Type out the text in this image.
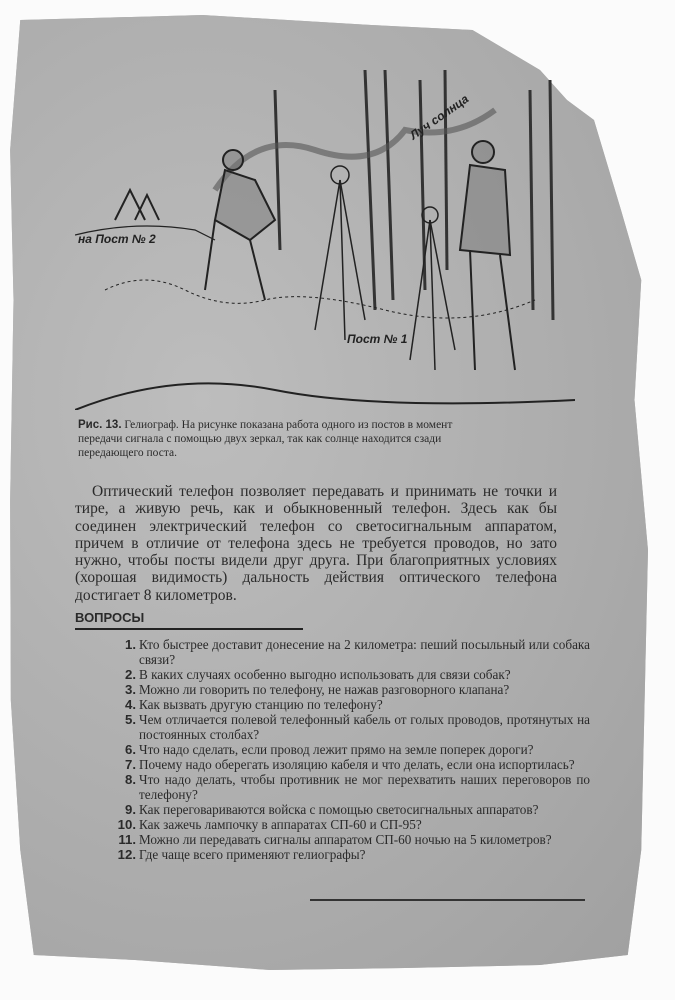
Луч солнца
на Пост № 2
Пост № 1
Рис. 13. Гелиограф. На рисунке показана работа одного из постов в момент передачи сигнала с помощью двух зеркал, так как солнце находится сзади передающего поста.
Оптический телефон позволяет передавать и принимать не точки и тире, а живую речь, как и обыкновенный телефон. Здесь как бы соединен электрический телефон со светосигнальным аппаратом, причем в отличие от телефона здесь не требуется проводов, но зато нужно, чтобы посты видели друг друга. При благоприятных условиях (хорошая видимость) дальность действия оптического телефона достигает 8 километров.
ВОПРОСЫ
1. Кто быстрее доставит донесение на 2 километра: пеший посыльный или собака связи?
2. В каких случаях особенно выгодно использовать для связи собак?
3. Можно ли говорить по телефону, не нажав разговорного клапана?
4. Как вызвать другую станцию по телефону?
5. Чем отличается полевой телефонный кабель от голых проводов, протянутых на постоянных столбах?
6. Что надо сделать, если провод лежит прямо на земле поперек дороги?
7. Почему надо оберегать изоляцию кабеля и что делать, если она испортилась?
8. Что надо делать, чтобы противник не мог перехватить наших переговоров по телефону?
9. Как переговариваются войска с помощью светосигнальных аппаратов?
10. Как зажечь лампочку в аппаратах СП-60 и СП-95?
11. Можно ли передавать сигналы аппаратом СП-60 ночью на 5 километров?
12. Где чаще всего применяют гелиографы?
